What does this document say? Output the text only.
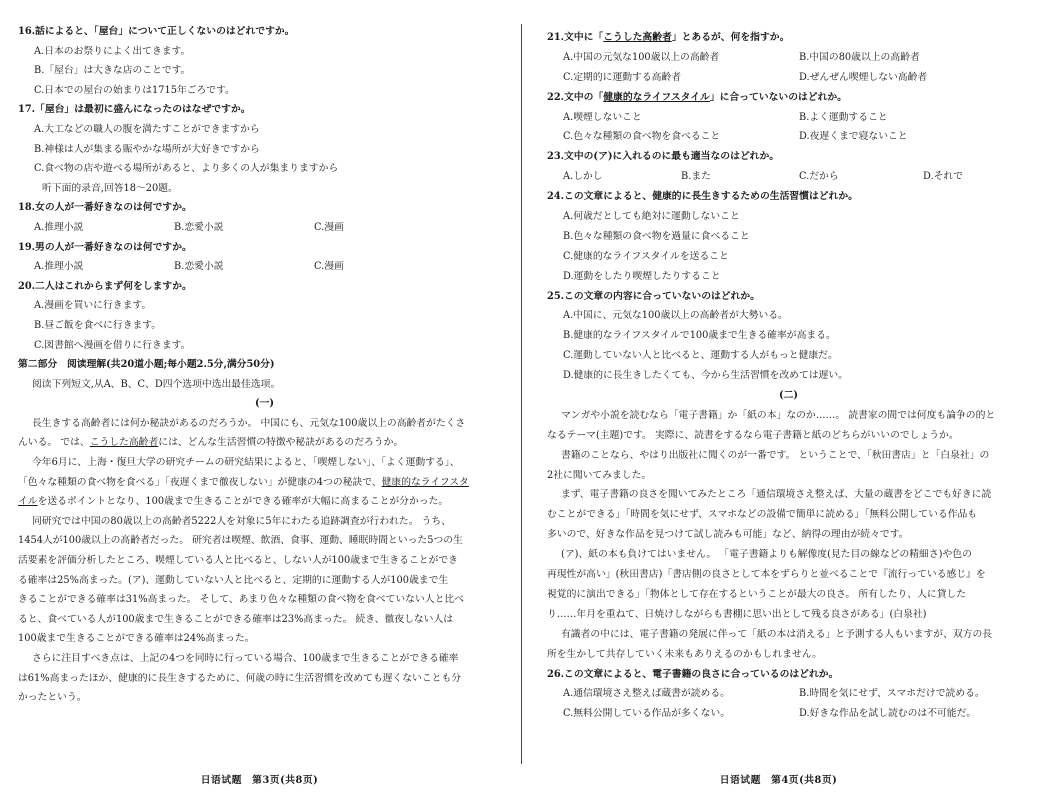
16.話によると、「屋台」について正しくないのはどれですか。
A.日本のお祭りによく出てきます。
B.「屋台」は大きな店のことです。
C.日本での屋台の始まりは1715年ごろです。
17.「屋台」は最初に盛んになったのはなぜですか。
A.大工などの職人の腹を満たすことができますから
B.神様は人が集まる賑やかな場所が大好きですから
C.食べ物の店や遊べる場所があると、より多くの人が集まりますから
听下面的录音,回答18～20题。
18.女の人が一番好きなのは何ですか。
A.推理小説	B.恋愛小説	C.漫画
19.男の人が一番好きなのは何ですか。
A.推理小説	B.恋愛小説	C.漫画
20.二人はこれからまず何をしますか。
A.漫画を買いに行きます。
B.昼ご飯を食べに行きます。
C.図書館へ漫画を借りに行きます。
第二部分　阅读理解(共20道小题;每小题2.5分,满分50分)
阅读下列短文,从A、B、C、D四个选项中选出最佳选项。
(一)
長生きする高齢者には何か秘訣があるのだろうか。 中国にも、元気な100歳以上の高齢者がたくさ
んいる。 では、こうした高齢者には、どんな生活習慣の特徴や秘訣があるのだろうか。
今年6月に、上海・復旦大学の研究チームの研究結果によると、「喫煙しない」、「よく運動する」、
「色々な種類の食べ物を食べる」「夜遅くまで徹夜しない」が健康の4つの秘訣で、健康的なライフスタ
イルを送るポイントとなり、100歳まで生きることができる確率が大幅に高まることが分かった。
同研究では中国の80歳以上の高齢者5222人を対象に5年にわたる追跡調査が行われた。 うち、
1454人が100歳以上の高齢者だった。 研究者は喫煙、飲酒、食事、運動、睡眠時間といった5つの生
活要素を評価分析したところ、喫煙している人と比べると、しない人が100歳まで生きることができ
る確率は25%高まった。(ア)、運動していない人と比べると、定期的に運動する人が100歳まで生
きることができる確率は31%高まった。 そして、あまり色々な種類の食べ物を食べていない人と比べ
ると、食べている人が100歳まで生きることができる確率は23%高まった。 続き、徹夜しない人は
100歳まで生きることができる確率は24%高まった。
さらに注目すべき点は、上記の4つを同時に行っている場合、100歳まで生きることができる確率
は61%高まったほか、健康的に長生きするために、何歳の時に生活習慣を改めても遅くないことも分
かったという。
日语试题　第3页(共8页)
21.文中に「こうした高齢者」とあるが、何を指すか。
A.中国の元気な100歳以上の高齢者	B.中国の80歳以上の高齢者
C.定期的に運動する高齢者	D.ぜんぜん喫煙しない高齢者
22.文中の「健康的なライフスタイル」に合っていないのはどれか。
A.喫煙しないこと	B.よく運動すること
C.色々な種類の食べ物を食べること	D.夜遅くまで寝ないこと
23.文中の(ア)に入れるのに最も適当なのはどれか。
A.しかし	B.また	C.だから	D.それで
24.この文章によると、健康的に長生きするための生活習慣はどれか。
A.何歳だとしても絶対に運動しないこと
B.色々な種類の食べ物を過量に食べること
C.健康的なライフスタイルを送ること
D.運動をしたり喫煙したりすること
25.この文章の内容に合っていないのはどれか。
A.中国に、元気な100歳以上の高齢者が大勢いる。
B.健康的なライフスタイルで100歳まで生きる確率が高まる。
C.運動していない人と比べると、運動する人がもっと健康だ。
D.健康的に長生きしたくても、今から生活習慣を改めては遅い。
(二)
マンガや小説を読むなら「電子書籍」か「紙の本」なのか……。 読書家の間では何度も論争の的と
なるテーマ(主題)です。 実際に、読書をするなら電子書籍と紙のどちらがいいのでしょうか。
書籍のことなら、やはり出版社に聞くのが一番です。 ということで、「秋田書店」と「白泉社」の
2社に聞いてみました。
まず、電子書籍の良さを聞いてみたところ「通信環境さえ整えば、大量の蔵書をどこでも好きに読
むことができる」「時間を気にせず、スマホなどの設備で簡単に読める」「無料公開している作品も
多いので、好きな作品を見つけて試し読みも可能」など、納得の理由が続々です。
(ア)、紙の本も負けてはいません。 「電子書籍よりも解像度(見た目の線などの精細さ)や色の
再現性が高い」(秋田書店)「書店側の良さとして本をずらりと並べることで『流行っている感じ』を
視覚的に演出できる」「物体として存在するということが最大の良さ。 所有したり、人に貸した
り……年月を重ねて、日焼けしながらも書棚に思い出として残る良さがある」(白泉社)
有識者の中には、電子書籍の発展に伴って「紙の本は消える」と予測する人もいますが、双方の長
所を生かして共存していく未来もありえるのかもしれません。
26.この文章によると、電子書籍の良さに合っているのはどれか。
A.通信環境さえ整えば蔵書が読める。	B.時間を気にせず、スマホだけで読める。
C.無料公開している作品が多くない。	D.好きな作品を試し読むのは不可能だ。
日语试题　第4页(共8页)
